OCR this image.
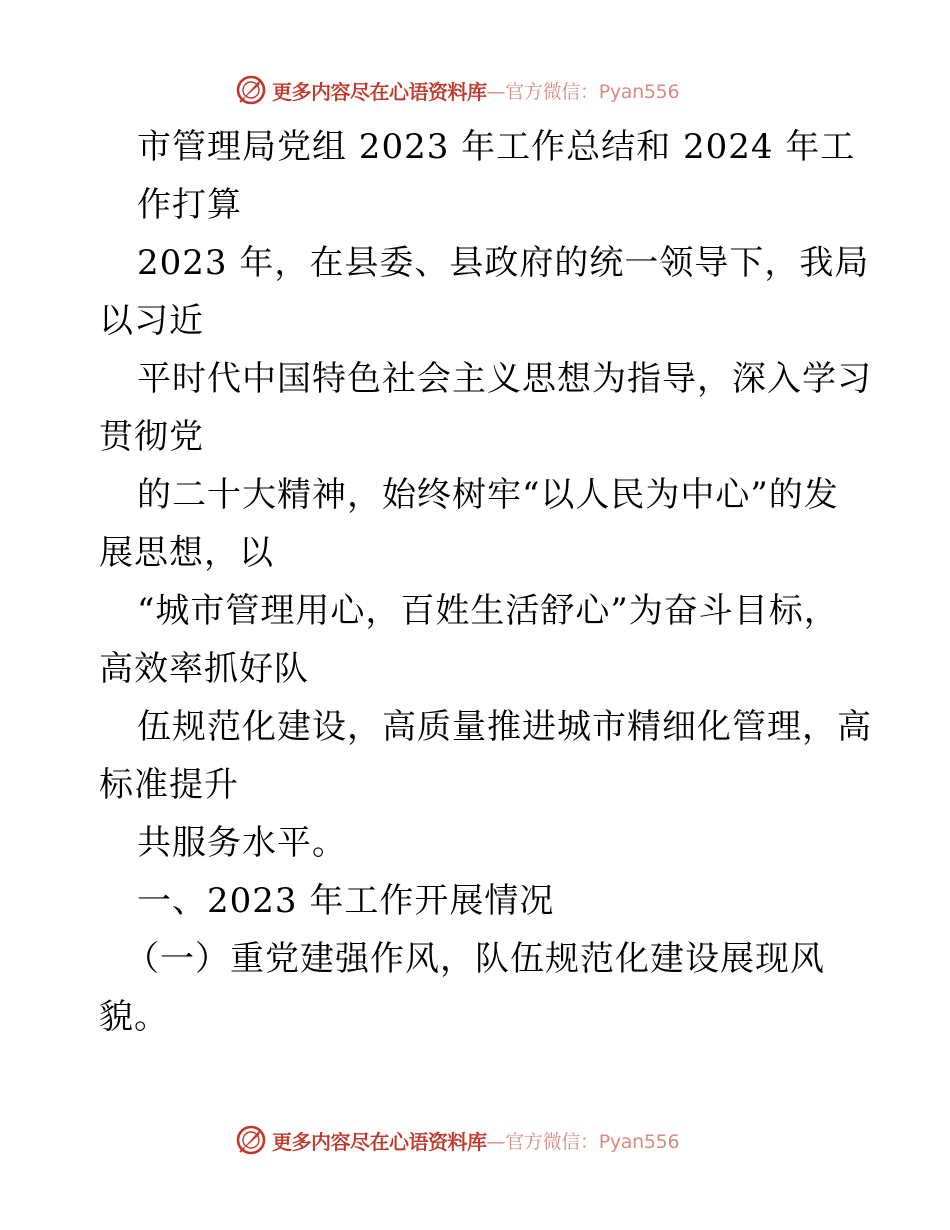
更多内容尽在心语资料库 —官方微信：Pyan556
市管理局党组 2023 年工作总结和 2024 年工
作打算
2023 年，在县委、县政府的统一领导下，我局
以习近
平时代中国特色社会主义思想为指导，深入学习
贯彻党
的二十大精神，始终树牢“以人民为中心”的发
展思想，以
“城市管理用心，百姓生活舒心”为奋斗目标，
高效率抓好队
伍规范化建设，高质量推进城市精细化管理，高
标准提升
共服务水平。
一、2023 年工作开展情况
（一）重党建强作风，队伍规范化建设展现风
貌。
更多内容尽在心语资料库 —官方微信：Pyan556
